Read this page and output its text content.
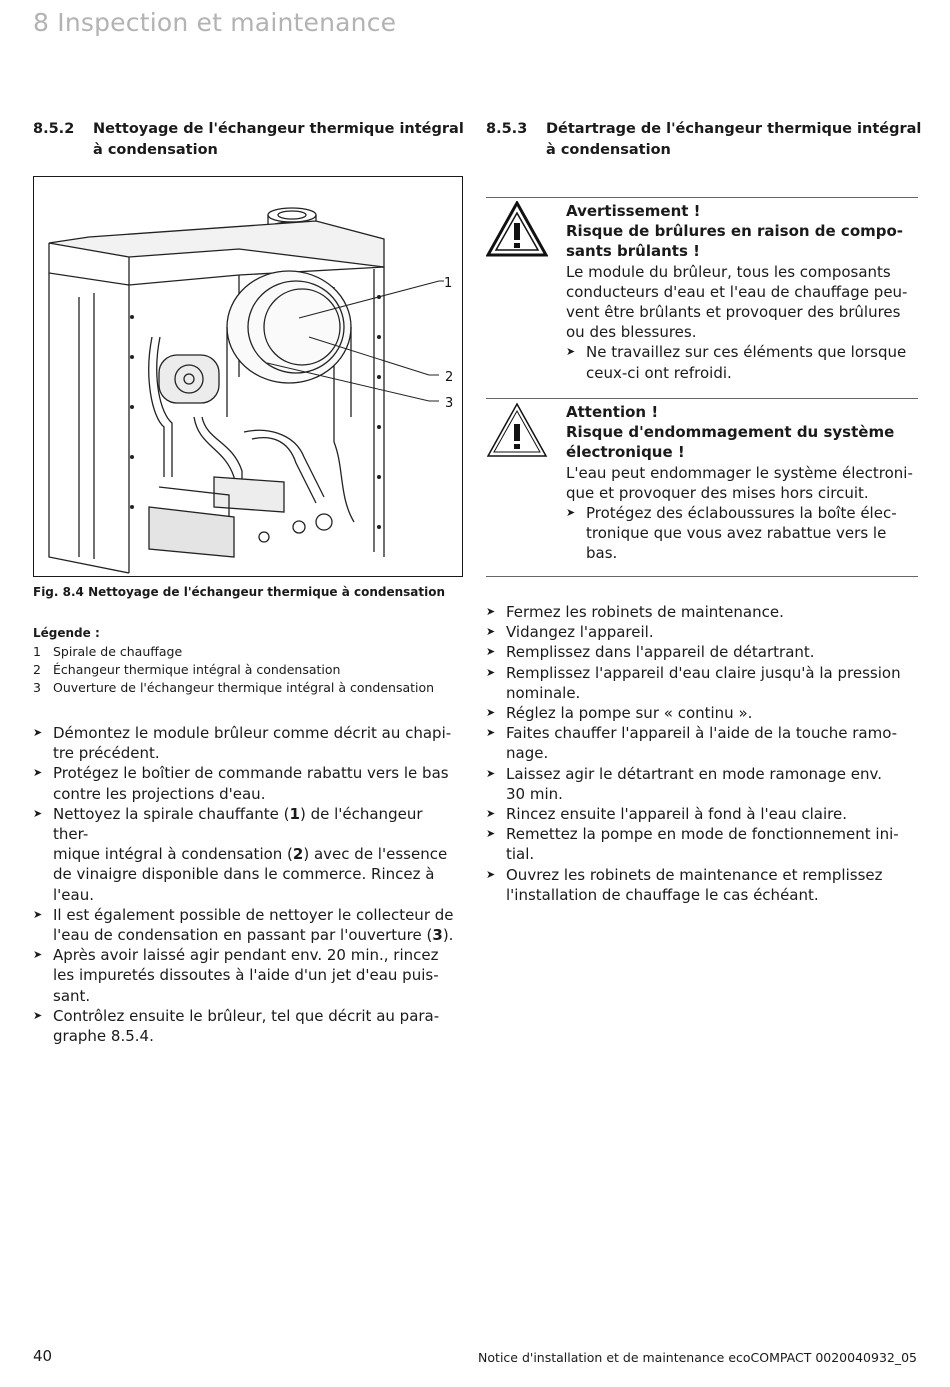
8 Inspection et maintenance
8.5.2 Nettoyage de l'échangeur thermique intégral
à condensation
8.5.3 Détartrage de l'échangeur thermique intégral
à condensation
1
2
3
Fig. 8.4 Nettoyage de l'échangeur thermique à condensation
Légende :
1 Spirale de chauffage
2 Échangeur thermique intégral à condensation
3 Ouverture de l'échangeur thermique intégral à condensation
➤ Démontez le module brûleur comme décrit au chapi-
tre précédent.
➤ Protégez le boîtier de commande rabattu vers le bas
contre les projections d'eau.
➤ Nettoyez la spirale chauffante (1) de l'échangeur ther-
mique intégral à condensation (2) avec de l'essence
de vinaigre disponible dans le commerce. Rincez à
l'eau.
➤ Il est également possible de nettoyer le collecteur de
l'eau de condensation en passant par l'ouverture (3).
➤ Après avoir laissé agir pendant env. 20 min., rincez
les impuretés dissoutes à l'aide d'un jet d'eau puis-
sant.
➤ Contrôlez ensuite le brûleur, tel que décrit au para-
graphe 8.5.4.
Avertissement !
Risque de brûlures en raison de compo-
sants brûlants !
Le module du brûleur, tous les composants
conducteurs d'eau et l'eau de chauffage peu-
vent être brûlants et provoquer des brûlures
ou des blessures.
➤ Ne travaillez sur ces éléments que lorsque
ceux-ci ont refroidi.
Attention !
Risque d'endommagement du système
électronique !
L'eau peut endommager le système électroni-
que et provoquer des mises hors circuit.
➤ Protégez des éclaboussures la boîte élec-
tronique que vous avez rabattue vers le
bas.
➤ Fermez les robinets de maintenance.
➤ Vidangez l'appareil.
➤ Remplissez dans l'appareil de détartrant.
➤ Remplissez l'appareil d'eau claire jusqu'à la pression
nominale.
➤ Réglez la pompe sur « continu ».
➤ Faites chauffer l'appareil à l'aide de la touche ramo-
nage.
➤ Laissez agir le détartrant en mode ramonage env.
30 min.
➤ Rincez ensuite l'appareil à fond à l'eau claire.
➤ Remettez la pompe en mode de fonctionnement ini-
tial.
➤ Ouvrez les robinets de maintenance et remplissez
l'installation de chauffage le cas échéant.
40	Notice d'installation et de maintenance ecoCOMPACT 0020040932_05
